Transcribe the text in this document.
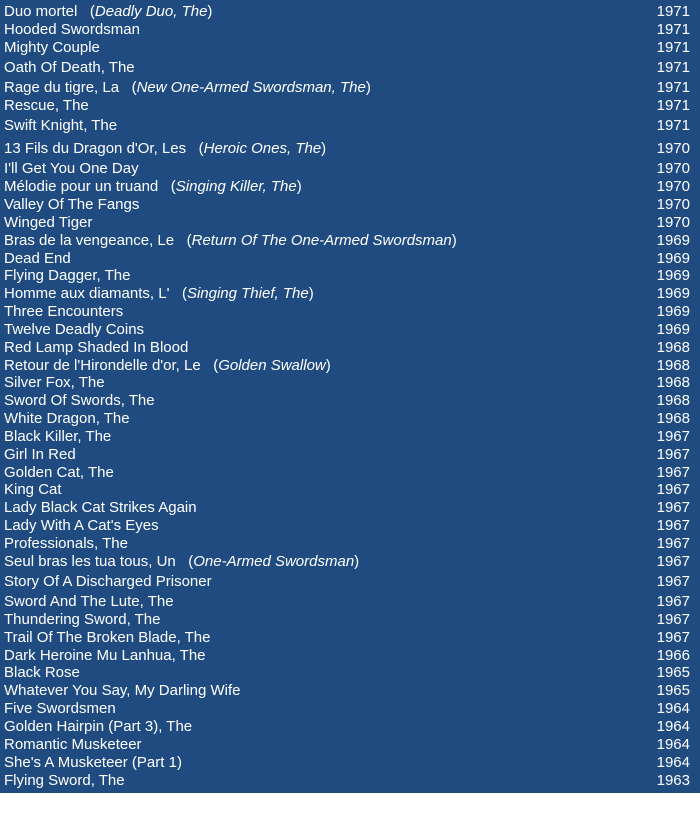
Duo mortel   (Deadly Duo, The)	1971
Hooded Swordsman	1971
Mighty Couple	1971
Oath Of Death, The	1971
Rage du tigre, La   (New One-Armed Swordsman, The)	1971
Rescue, The	1971
Swift Knight, The	1971
13 Fils du Dragon d'Or, Les   (Heroic Ones, The)	1970
I'll Get You One Day	1970
Mélodie pour un truand   (Singing Killer, The)	1970
Valley Of The Fangs	1970
Winged Tiger	1970
Bras de la vengeance, Le   (Return Of The One-Armed Swordsman)	1969
Dead End	1969
Flying Dagger, The	1969
Homme aux diamants, L'   (Singing Thief, The)	1969
Three Encounters	1969
Twelve Deadly Coins	1969
Red Lamp Shaded In Blood	1968
Retour de l'Hirondelle d'or, Le   (Golden Swallow)	1968
Silver Fox, The	1968
Sword Of Swords, The	1968
White Dragon, The	1968
Black Killer, The	1967
Girl In Red	1967
Golden Cat, The	1967
King Cat	1967
Lady Black Cat Strikes Again	1967
Lady With A Cat's Eyes	1967
Professionals, The	1967
Seul bras les tua tous, Un   (One-Armed Swordsman)	1967
Story Of A Discharged Prisoner	1967
Sword And The Lute, The	1967
Thundering Sword, The	1967
Trail Of The Broken Blade, The	1967
Dark Heroine Mu Lanhua, The	1966
Black Rose	1965
Whatever You Say, My Darling Wife	1965
Five Swordsmen	1964
Golden Hairpin (Part 3), The	1964
Romantic Musketeer	1964
She's A Musketeer (Part 1)	1964
Flying Sword, The	1963
